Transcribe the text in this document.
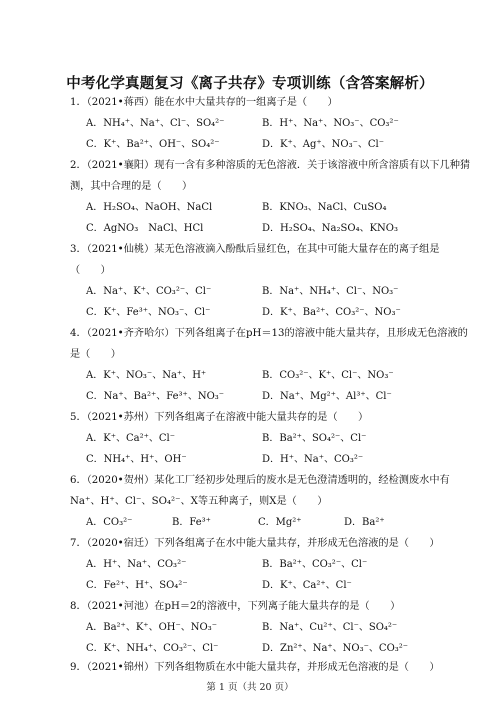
中考化学真题复习《离子共存》专项训练（含答案解析）
1．（2021•蒋西）能在水中大量共存的一组离子是（　　）
A．NH₄⁺、Na⁺、Cl⁻、SO₄²⁻	B．H⁺、Na⁺、NO₃⁻、CO₃²⁻
C．K⁺、Ba²⁺、OH⁻、SO₄²⁻	D．K⁺、Ag⁺、NO₃⁻、Cl⁻
2．（2021•襄阳）现有一含有多种溶质的无色溶液．关于该溶液中所含溶质有以下几种猜
测，其中合理的是（　　）
A．H₂SO₄、NaOH、NaCl	B．KNO₃、NaCl、CuSO₄
C．AgNO₃　NaCl、HCl	D．H₂SO₄、Na₂SO₄、KNO₃
3．（2021•仙桃）某无色溶液滴入酚酞后显红色，在其中可能大量存在的离子组是
（　　）
A．Na⁺、K⁺、CO₃²⁻、Cl⁻	B．Na⁺、NH₄⁺、Cl⁻、NO₃⁻
C．K⁺、Fe³⁺、NO₃⁻、Cl⁻	D．K⁺、Ba²⁺、CO₃²⁻、NO₃⁻
4．（2021•齐齐哈尔）下列各组离子在pH＝13的溶液中能大量共存，且形成无色溶液的
是（　　）
A．K⁺、NO₃⁻、Na⁺、H⁺	B．CO₃²⁻、K⁺、Cl⁻、NO₃⁻
C．Na⁺、Ba²⁺、Fe³⁺、NO₃⁻	D．Na⁺、Mg²⁺、Al³⁺、Cl⁻
5．（2021•苏州）下列各组离子在溶液中能大量共存的是（　　）
A．K⁺、Ca²⁺、Cl⁻	B．Ba²⁺、SO₄²⁻、Cl⁻
C．NH₄⁺、H⁺、OH⁻	D．H⁺、Na⁺、CO₃²⁻
6．（2020•贺州）某化工厂经初步处理后的废水是无色澄清透明的，经检测废水中有
Na⁺、H⁺、Cl⁻、SO₄²⁻、X等五种离子，则X是（　　）
A．CO₃²⁻	B．Fe³⁺	C．Mg²⁺	D．Ba²⁺
7．（2020•宿迁）下列各组离子在水中能大量共存，并形成无色溶液的是（　　）
A．H⁺、Na⁺、CO₃²⁻	B．Ba²⁺、CO₃²⁻、Cl⁻
C．Fe²⁺、H⁺、SO₄²⁻	D．K⁺、Ca²⁺、Cl⁻
8．（2021•河池）在pH＝2的溶液中，下列离子能大量共存的是（　　）
A．Ba²⁺、K⁺、OH⁻、NO₃⁻	B．Na⁺、Cu²⁺、Cl⁻、SO₄²⁻
C．K⁺、NH₄⁺、CO₃²⁻、Cl⁻	D．Zn²⁺、Na⁺、NO₃⁻、CO₃²⁻
9．（2021•锦州）下列各组物质在水中能大量共存，并形成无色溶液的是（　　）
第 1 页（共 20 页）
